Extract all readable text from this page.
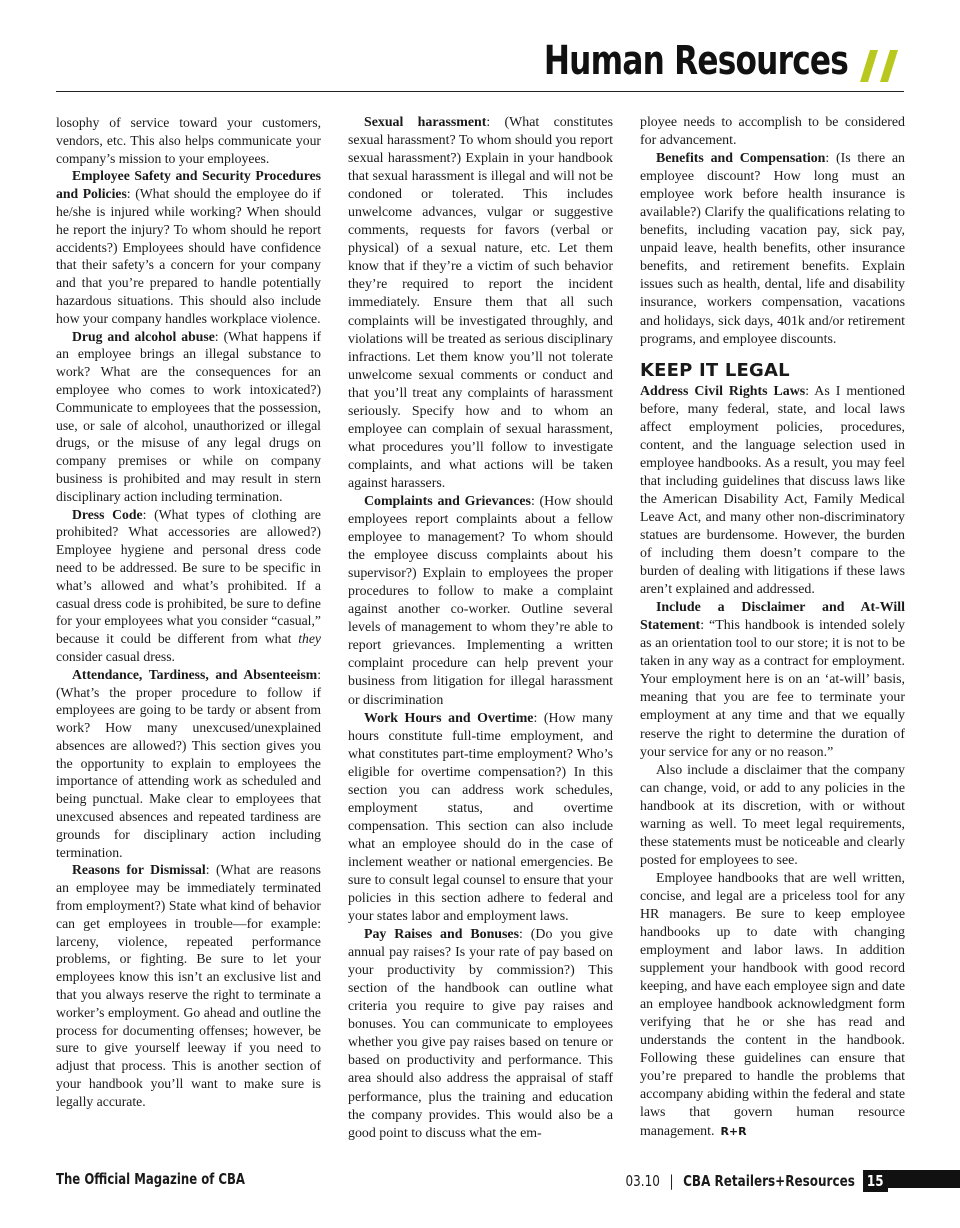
Human Resources

losophy of service toward your customers, vendors, etc. This also helps communicate your company’s mission to your employees.

Employee Safety and Security Procedures and Policies: (What should the employee do if he/she is injured while working? When should he report the injury? To whom should he report accidents?) Employees should have confidence that their safety’s a concern for your company and that you’re prepared to handle potentially hazardous situations. This should also include how your company handles workplace violence.

Drug and alcohol abuse: (What happens if an employee brings an illegal substance to work? What are the consequences for an employee who comes to work intoxicated?) Communicate to employees that the possession, use, or sale of alcohol, unauthorized or illegal drugs, or the misuse of any legal drugs on company premises or while on company business is prohibited and may result in stern disciplinary action including termination.

Dress Code: (What types of clothing are prohibited? What accessories are allowed?) Employee hygiene and personal dress code need to be addressed. Be sure to be specific in what’s allowed and what’s prohibited. If a casual dress code is prohibited, be sure to define for your employees what you consider “casual,” because it could be different from what they consider casual dress.

Attendance, Tardiness, and Absenteeism: (What’s the proper procedure to follow if employees are going to be tardy or absent from work? How many unexcused/unexplained absences are allowed?) This section gives you the opportunity to explain to employees the importance of attending work as scheduled and being punctual. Make clear to employees that unexcused absences and repeated tardiness are grounds for disciplinary action including termination.

Reasons for Dismissal: (What are reasons an employee may be immediately terminated from employment?) State what kind of behavior can get employees in trouble—for example: larceny, violence, repeated performance problems, or fighting. Be sure to let your employees know this isn’t an exclusive list and that you always reserve the right to terminate a worker’s employment. Go ahead and outline the process for documenting offenses; however, be sure to give yourself leeway if you need to adjust that process. This is another section of your handbook you’ll want to make sure is legally accurate.

Sexual harassment: (What constitutes sexual harassment? To whom should you report sexual harassment?) Explain in your handbook that sexual harassment is illegal and will not be condoned or tolerated. This includes unwelcome advances, vulgar or suggestive comments, requests for favors (verbal or physical) of a sexual nature, etc. Let them know that if they’re a victim of such behavior they’re required to report the incident immediately. Ensure them that all such complaints will be investigated throughly, and violations will be treated as serious disciplinary infractions. Let them know you’ll not tolerate unwelcome sexual comments or conduct and that you’ll treat any complaints of harassment seriously. Specify how and to whom an employee can complain of sexual harassment, what procedures you’ll follow to investigate complaints, and what actions will be taken against harassers.

Complaints and Grievances: (How should employees report complaints about a fellow employee to management? To whom should the employee discuss complaints about his supervisor?) Explain to employees the proper procedures to follow to make a complaint against another co-worker. Outline several levels of management to whom they’re able to report grievances. Implementing a written complaint procedure can help prevent your business from litigation for illegal harassment or discrimination

Work Hours and Overtime: (How many hours constitute full-time employment, and what constitutes part-time employment? Who’s eligible for overtime compensation?) In this section you can address work schedules, employment status, and overtime compensation. This section can also include what an employee should do in the case of inclement weather or national emergencies. Be sure to consult legal counsel to ensure that your policies in this section adhere to federal and your states labor and employment laws.

Pay Raises and Bonuses: (Do you give annual pay raises? Is your rate of pay based on your productivity by commission?) This section of the handbook can outline what criteria you require to give pay raises and bonuses. You can communicate to employees whether you give pay raises based on tenure or based on productivity and performance. This area should also address the appraisal of staff performance, plus the training and education the company provides. This would also be a good point to discuss what the em-

ployee needs to accomplish to be considered for advancement.

Benefits and Compensation: (Is there an employee discount? How long must an employee work before health insurance is available?) Clarify the qualifications relating to benefits, including vacation pay, sick pay, unpaid leave, health benefits, other insurance benefits, and retirement benefits. Explain issues such as health, dental, life and disability insurance, workers compensation, vacations and holidays, sick days, 401k and/or retirement programs, and employee discounts.

KEEP IT LEGAL

Address Civil Rights Laws: As I mentioned before, many federal, state, and local laws affect employment policies, procedures, content, and the language selection used in employee handbooks. As a result, you may feel that including guidelines that discuss laws like the American Disability Act, Family Medical Leave Act, and many other non-discriminatory statues are burdensome. However, the burden of including them doesn’t compare to the burden of dealing with litigations if these laws aren’t explained and addressed.

Include a Disclaimer and At-Will Statement: “This handbook is intended solely as an orientation tool to our store; it is not to be taken in any way as a contract for employment. Your employment here is on an ‘at-will’ basis, meaning that you are fee to terminate your employment at any time and that we equally reserve the right to determine the duration of your service for any or no reason.”

Also include a disclaimer that the company can change, void, or add to any policies in the handbook at its discretion, with or without warning as well. To meet legal requirements, these statements must be noticeable and clearly posted for employees to see.

Employee handbooks that are well written, concise, and legal are a priceless tool for any HR managers. Be sure to keep employee handbooks up to date with changing employment and labor laws. In addition supplement your handbook with good record keeping, and have each employee sign and date an employee handbook acknowledgment form verifying that he or she has read and understands the content in the handbook. Following these guidelines can ensure that you’re prepared to handle the problems that accompany abiding within the federal and state laws that govern human resource management. R+R

The Official Magazine of CBA	03.10 | CBA Retailers+Resources 15
